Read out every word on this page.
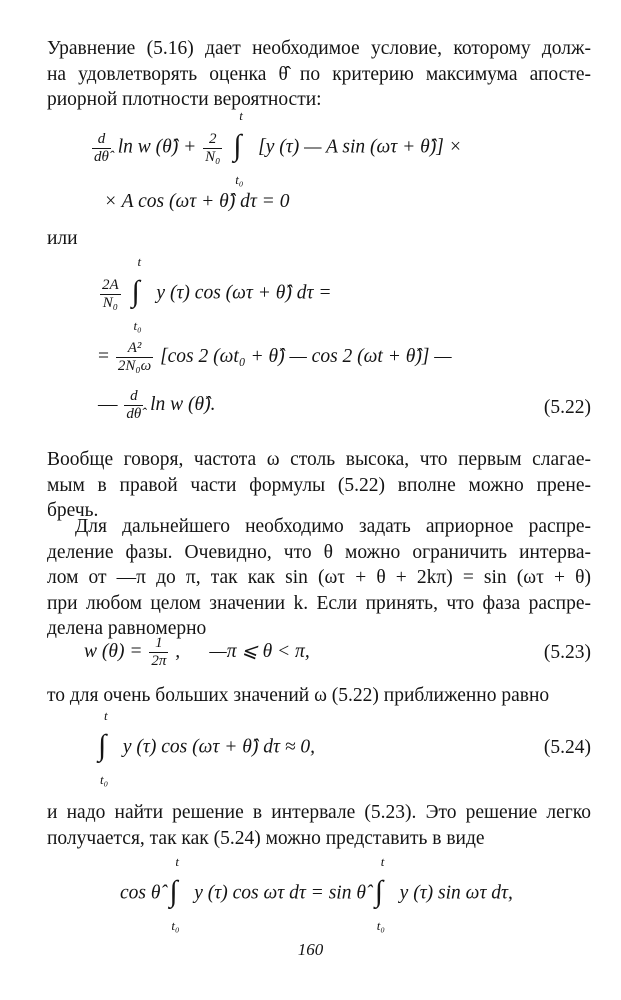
Уравнение (5.16) дает необходимое условие, которому долж-
на удовлетворять оценка θ̂ по критерию максимума апосте-
риорной плотности вероятности:
$\frac{d}{d\thetâ}$ ln w (θ̂) + $\frac{2}{\text{N₀}}$

t
∫
t₀
[y (τ) — A sin (ωτ + θ̂)] ×
× A cos (ωτ + θ̂) dτ = 0
или
$\frac{2A}{\text{N₀}}$

t
∫
t₀
y (τ) cos (ωτ + θ̂) dτ =
= $\frac{\text{A²}}{\text{2N₀ω}} [\cos$ 2 (ωt₀ + θ̂) — cos 2 (ωt + θ̂)] —
— $\frac{d}{d\thetâ}$ ln w (θ̂).	(5.22)
Вообще говоря, частота ω столь высока, что первым слагае-
мым в правой части формулы (5.22) вполне можно прене-
бречь.
Для дальнейшего необходимо задать априорное распре-
деление фазы. Очевидно, что θ можно ограничить интерва-
лом от —π до π, так как sin (ωτ + θ + 2kπ) = sin (ωτ + θ)
при любом целом значении k. Если принять, что фаза распре-
делена равномерно
w $(\theta) = \frac{1}{2\pi}$ ,      —π ⩽ θ < π,	(5.23)
то для очень больших значений ω (5.22) приближенно равно
t
∫
t₀
y (τ) cos (ωτ + θ̂) dτ ≈ 0,	(5.24)
и надо найти решение в интервале (5.23). Это решение легко
получается, так как (5.24) можно представить в виде
cos θ̂
t
∫
t₀
y (τ) cos ωτ dτ = sin θ̂
t
∫
t₀
y (τ) sin ωτ dτ,
160
